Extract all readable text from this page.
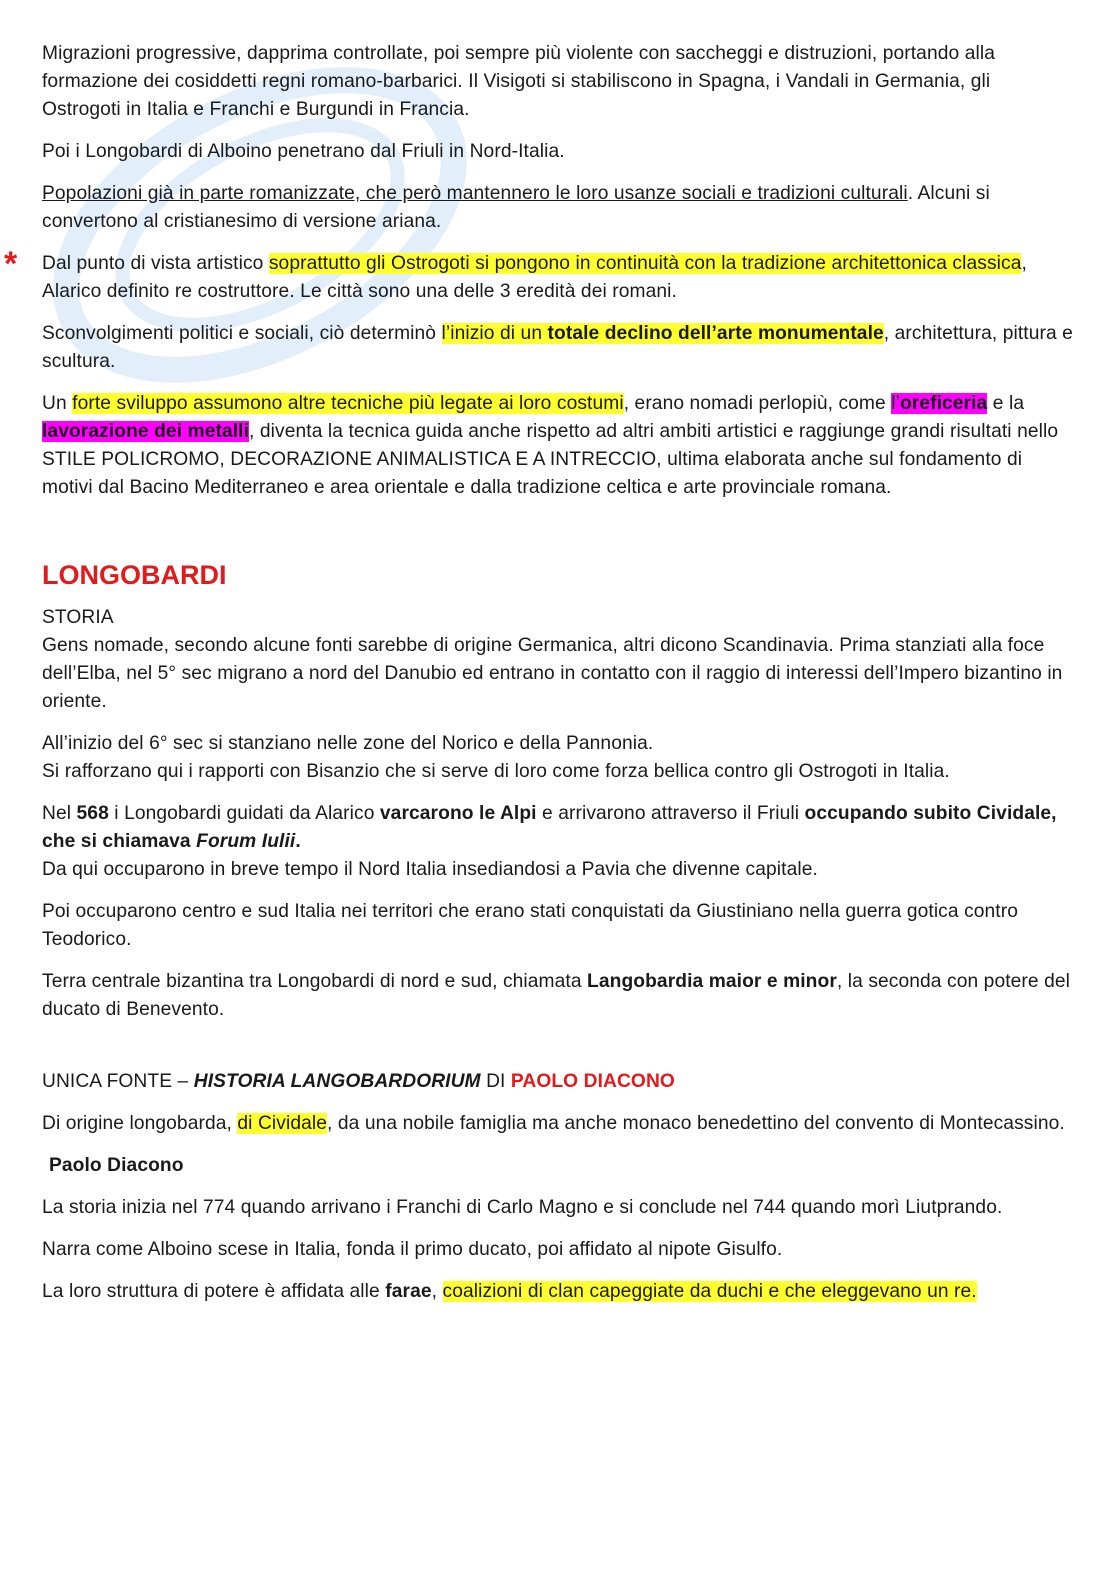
*

Migrazioni progressive, dapprima controllate, poi sempre più violente con saccheggi e distruzioni, portando alla formazione dei cosiddetti regni romano-barbarici. Il Visigoti si stabiliscono in Spagna, i Vandali in Germania, gli Ostrogoti in Italia e Franchi e Burgundi in Francia.

Poi i Longobardi di Alboino penetrano dal Friuli in Nord-Italia.

Popolazioni già in parte romanizzate, che però mantennero le loro usanze sociali e tradizioni culturali. Alcuni si convertono al cristianesimo di versione ariana.

Dal punto di vista artistico soprattutto gli Ostrogoti si pongono in continuità con la tradizione architettonica classica, Alarico definito re costruttore. Le città sono una delle 3 eredità dei romani.

Sconvolgimenti politici e sociali, ciò determinò l’inizio di un totale declino dell’arte monumentale, architettura, pittura e scultura.

Un forte sviluppo assumono altre tecniche più legate ai loro costumi, erano nomadi perlopiù, come l’oreficeria e la lavorazione dei metalli, diventa la tecnica guida anche rispetto ad altri ambiti artistici e raggiunge grandi risultati nello STILE POLICROMO, DECORAZIONE ANIMALISTICA E A INTRECCIO, ultima elaborata anche sul fondamento di motivi dal Bacino Mediterraneo e area orientale e dalla tradizione celtica e arte provinciale romana.

LONGOBARDI

STORIA
Gens nomade, secondo alcune fonti sarebbe di origine Germanica, altri dicono Scandinavia. Prima stanziati alla foce dell’Elba, nel 5° sec migrano a nord del Danubio ed entrano in contatto con il raggio di interessi dell’Impero bizantino in oriente.

All’inizio del 6° sec si stanziano nelle zone del Norico e della Pannonia.
Si rafforzano qui i rapporti con Bisanzio che si serve di loro come forza bellica contro gli Ostrogoti in Italia.

Nel 568 i Longobardi guidati da Alarico varcarono le Alpi e arrivarono attraverso il Friuli occupando subito Cividale, che si chiamava Forum Iulii.
Da qui occuparono in breve tempo il Nord Italia insediandosi a Pavia che divenne capitale.

Poi occuparono centro e sud Italia nei territori che erano stati conquistati da Giustiniano nella guerra gotica contro Teodorico.

Terra centrale bizantina tra Longobardi di nord e sud, chiamata Langobardia maior e minor, la seconda con potere del ducato di Benevento.

UNICA FONTE – HISTORIA LANGOBARDORIUM DI PAOLO DIACONO

Di origine longobarda, di Cividale, da una nobile famiglia ma anche monaco benedettino del convento di Montecassino.

Paolo Diacono

La storia inizia nel 774 quando arrivano i Franchi di Carlo Magno e si conclude nel 744 quando morì Liutprando.

Narra come Alboino scese in Italia, fonda il primo ducato, poi affidato al nipote Gisulfo.

La loro struttura di potere è affidata alle farae, coalizioni di clan capeggiate da duchi e che eleggevano un re.
